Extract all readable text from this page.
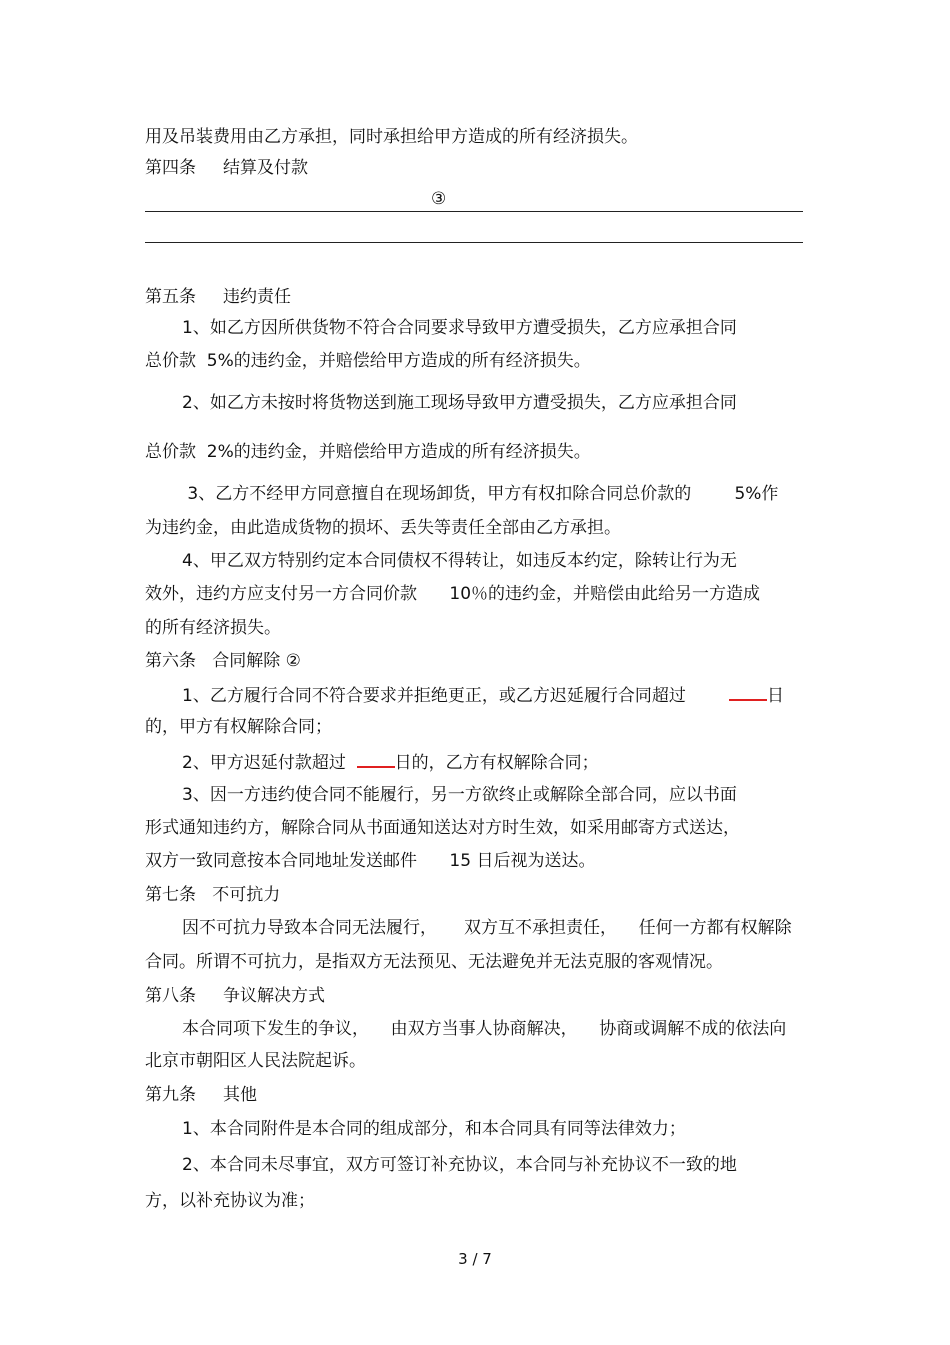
用及吊装费用由乙方承担，同时承担给甲方造成的所有经济损失。
第四条     结算及付款
③
第五条     违约责任
1、如乙方因所供货物不符合合同要求导致甲方遭受损失，乙方应承担合同
总价款  5%的违约金，并赔偿给甲方造成的所有经济损失。
2、如乙方未按时将货物送到施工现场导致甲方遭受损失，乙方应承担合同
总价款  2%的违约金，并赔偿给甲方造成的所有经济损失。
3、乙方不经甲方同意擅自在现场卸货，甲方有权扣除合同总价款的        5%作
为违约金，由此造成货物的损坏、丢失等责任全部由乙方承担。
4、甲乙双方特别约定本合同债权不得转让，如违反本约定，除转让行为无
效外，违约方应支付另一方合同价款      10％的违约金，并赔偿由此给另一方造成
的所有经济损失。
第六条   合同解除 ②
1、乙方履行合同不符合要求并拒绝更正，或乙方迟延履行合同超过        日
的，甲方有权解除合同；
2、甲方迟延付款超过  日的，乙方有权解除合同；
3、因一方违约使合同不能履行，另一方欲终止或解除全部合同，应以书面
形式通知违约方，解除合同从书面通知送达对方时生效，如采用邮寄方式送达，
双方一致同意按本合同地址发送邮件      15 日后视为送达。
第七条   不可抗力
因不可抗力导致本合同无法履行，     双方互不承担责任，    任何一方都有权解除
合同。所谓不可抗力，是指双方无法预见、无法避免并无法克服的客观情况。
第八条     争议解决方式
本合同项下发生的争议，    由双方当事人协商解决，    协商或调解不成的依法向
北京市朝阳区人民法院起诉。
第九条     其他
1、本合同附件是本合同的组成部分，和本合同具有同等法律效力；
2、本合同未尽事宜，双方可签订补充协议，本合同与补充协议不一致的地
方，以补充协议为准；
3 / 7
